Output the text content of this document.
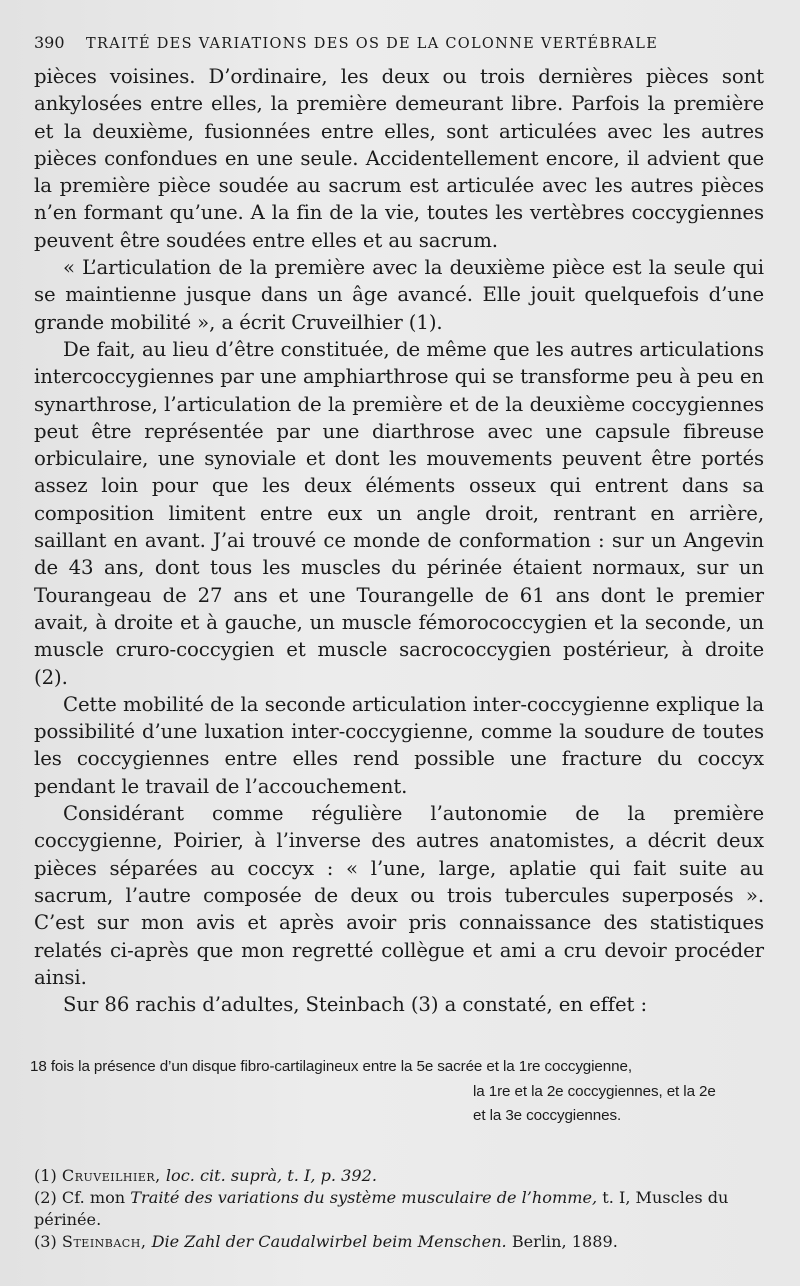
390 TRAITÉ DES VARIATIONS DES OS DE LA COLONNE VERTÉBRALE

pièces voisines. D’ordinaire, les deux ou trois dernières pièces sont ankylosées entre elles, la première demeurant libre. Parfois la première et la deuxième, fusionnées entre elles, sont articulées avec les autres pièces confondues en une seule. Accidentellement encore, il advient que la première pièce soudée au sacrum est articulée avec les autres pièces n’en formant qu’une. A la fin de la vie, toutes les vertèbres coccygiennes peuvent être soudées entre elles et au sacrum.

« L’articulation de la première avec la deuxième pièce est la seule qui se maintienne jusque dans un âge avancé. Elle jouit quelquefois d’une grande mobilité », a écrit Cruveilhier (1).

De fait, au lieu d’être constituée, de même que les autres articulations intercoccygiennes par une amphiarthrose qui se transforme peu à peu en synarthrose, l’articulation de la première et de la deuxième coccygiennes peut être représentée par une diarthrose avec une capsule fibreuse orbiculaire, une synoviale et dont les mouvements peuvent être portés assez loin pour que les deux éléments osseux qui entrent dans sa composition limitent entre eux un angle droit, rentrant en arrière, saillant en avant. J’ai trouvé ce monde de conformation : sur un Angevin de 43 ans, dont tous les muscles du périnée étaient normaux, sur un Tourangeau de 27 ans et une Tourangelle de 61 ans dont le premier avait, à droite et à gauche, un muscle fémorococcygien et la seconde, un muscle cruro-coccygien et muscle sacrococcygien postérieur, à droite (2).

Cette mobilité de la seconde articulation inter-coccygienne explique la possibilité d’une luxation inter-coccygienne, comme la soudure de toutes les coccygiennes entre elles rend possible une fracture du coccyx pendant le travail de l’accouchement.

Considérant comme régulière l’autonomie de la première coccygienne, Poirier, à l’inverse des autres anatomistes, a décrit deux pièces séparées au coccyx : « l’une, large, aplatie qui fait suite au sacrum, l’autre composée de deux ou trois tubercules superposés ». C’est sur mon avis et après avoir pris connaissance des statistiques relatés ci-après que mon regretté collègue et ami a cru devoir procéder ainsi.

Sur 86 rachis d’adultes, Steinbach (3) a constaté, en effet :

18 fois la présence d’un disque fibro-cartilagineux entre la 5e sacrée et la 1re coccygienne,
la 1re et la 2e coccygiennes, et la 2e
et la 3e coccygiennes.

(1) Cruveilhier, loc. cit. suprà, t. I, p. 392.

(2) Cf. mon Traité des variations du système musculaire de l’homme, t. I, Muscles du périnée.

(3) Steinbach, Die Zahl der Caudalwirbel beim Menschen. Berlin, 1889.
